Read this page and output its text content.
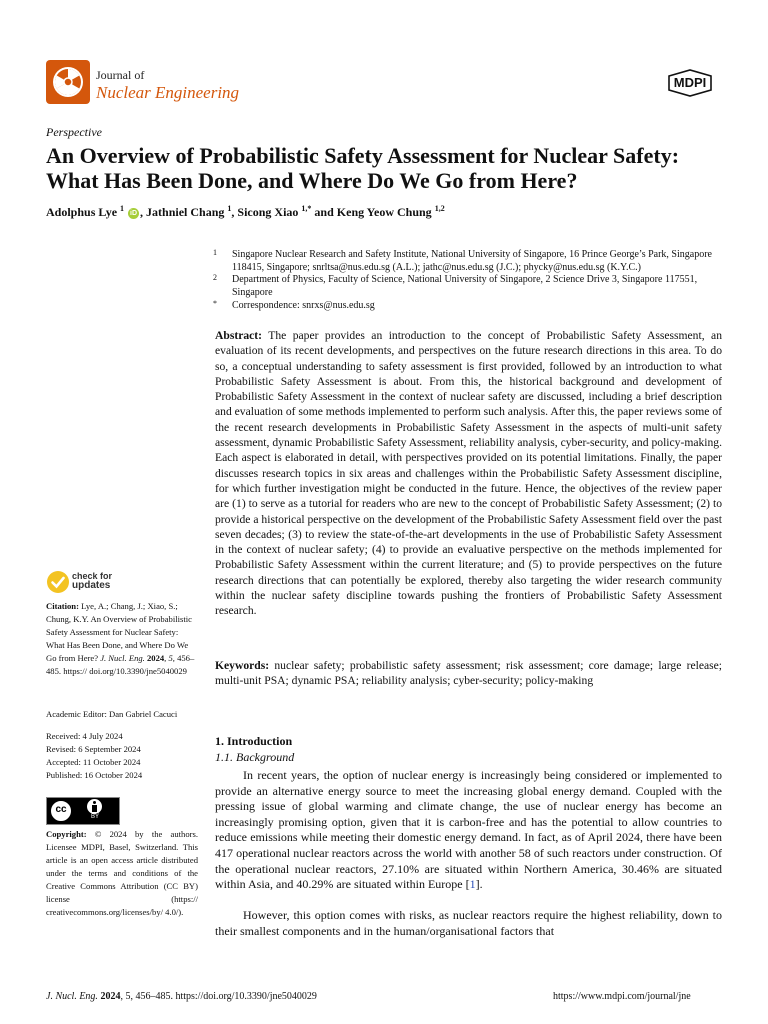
Journal of
Nuclear Engineering
MDPI
Perspective
An Overview of Probabilistic Safety Assessment for Nuclear Safety: What Has Been Done, and Where Do We Go from Here?
Adolphus Lye $^1$ iD , Jathniel Chang $^1$, Sicong Xiao $^{1,*}$ and Keng Yeow Chung $^{1,2}$
1 Singapore Nuclear Research and Safety Institute, National University of Singapore, 16 Prince George’s Park, Singapore 118415, Singapore; snrltsa@nus.edu.sg (A.L.); jathc@nus.edu.sg (J.C.); phycky@nus.edu.sg (K.Y.C.)
2 Department of Physics, Faculty of Science, National University of Singapore, 2 Science Drive 3, Singapore 117551, Singapore
* Correspondence: snrxs@nus.edu.sg
Abstract: The paper provides an introduction to the concept of Probabilistic Safety Assessment, an evaluation of its recent developments, and perspectives on the future research directions in this area. To do so, a conceptual understanding to safety assessment is first provided, followed by an introduction to what Probabilistic Safety Assessment is about. From this, the historical background and development of Probabilistic Safety Assessment in the context of nuclear safety are discussed, including a brief description and evaluation of some methods implemented to perform such analysis. After this, the paper reviews some of the recent research developments in Probabilistic Safety Assessment in the aspects of multi-unit safety assessment, dynamic Probabilistic Safety Assessment, reliability analysis, cyber-security, and policy-making. Each aspect is elaborated in detail, with perspectives provided on its potential limitations. Finally, the paper discusses research topics in six areas and challenges within the Probabilistic Safety Assessment discipline, for which further investigation might be conducted in the future. Hence, the objectives of the review paper are (1) to serve as a tutorial for readers who are new to the concept of Probabilistic Safety Assessment; (2) to provide a historical perspective on the development of the Probabilistic Safety Assessment field over the past seven decades; (3) to review the state-of-the-art developments in the use of Probabilistic Safety Assessment in the context of nuclear safety; (4) to provide an evaluative perspective on the methods implemented for Probabilistic Safety Assessment within the current literature; and (5) to provide perspectives on the future research directions that can potentially be explored, thereby also targeting the wider research community within the nuclear safety discipline towards pushing the frontiers of Probabilistic Safety Assessment research.
Keywords: nuclear safety; probabilistic safety assessment; risk assessment; core damage; large release; multi-unit PSA; dynamic PSA; reliability analysis; cyber-security; policy-making
check for
updates
Citation: Lye, A.; Chang, J.; Xiao, S.; Chung, K.Y. An Overview of Probabilistic Safety Assessment for Nuclear Safety: What Has Been Done, and Where Do We Go from Here? J. Nucl. Eng. 2024, 5, 456–485. https:// doi.org/10.3390/jne5040029
Academic Editor: Dan Gabriel Cacuci
Received: 4 July 2024
Revised: 6 September 2024
Accepted: 11 October 2024
Published: 16 October 2024
cc
BY
Copyright: © 2024 by the authors. Licensee MDPI, Basel, Switzerland. This article is an open access article distributed under the terms and conditions of the Creative Commons Attribution (CC BY) license (https:// creativecommons.org/licenses/by/ 4.0/).
1. Introduction
1.1. Background
In recent years, the option of nuclear energy is increasingly being considered or implemented to provide an alternative energy source to meet the increasing global energy demand. Coupled with the pressing issue of global warming and climate change, the use of nuclear energy has become an increasingly promising option, given that it is carbon-free and has the potential to allow countries to reduce emissions while meeting their domestic energy demand. In fact, as of April 2024, there have been 417 operational nuclear reactors across the world with another 58 of such reactors under construction. Of the operational nuclear reactors, 27.10% are situated within Northern America, 30.46% are situated within Asia, and 40.29% are situated within Europe [1].
However, this option comes with risks, as nuclear reactors require the highest reliability, down to their smallest components and in the human/organisational factors that
J. Nucl. Eng. 2024, 5, 456–485. https://doi.org/10.3390/jne5040029	https://www.mdpi.com/journal/jne
